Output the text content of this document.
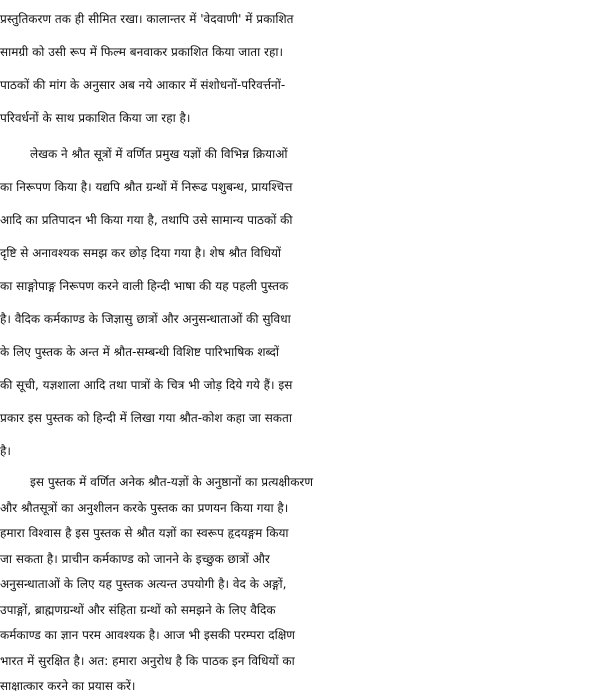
प्रस्तुतिकरण तक ही सीमित रखा। कालान्तर में 'वेदवाणी' में प्रकाशित
सामग्री को उसी रूप में फिल्म बनवाकर प्रकाशित किया जाता रहा।
पाठकों की मांग के अनुसार अब नये आकार में संशोधनों-परिवर्त्तनों-
परिवर्धनों के साथ प्रकाशित किया जा रहा है।
लेखक ने श्रौत सूत्रों में वर्णित प्रमुख यज्ञों की विभिन्न क्रियाओं
का निरूपण किया है। यद्यपि श्रौत ग्रन्थों में निरूढ पशुबन्ध, प्रायश्चित्त
आदि का प्रतिपादन भी किया गया है, तथापि उसे सामान्य पाठकों की
दृष्टि से अनावश्यक समझ कर छोड़ दिया गया है। शेष श्रौत विधियों
का साङ्गोपाङ्ग निरूपण करने वाली हिन्दी भाषा की यह पहली पुस्तक
है। वैदिक कर्मकाण्ड के जिज्ञासु छात्रों और अनुसन्धाताओं की सुविधा
के लिए पुस्तक के अन्त में श्रौत-सम्बन्धी विशिष्ट पारिभाषिक शब्दों
की सूची, यज्ञशाला आदि तथा पात्रों के चित्र भी जोड़ दिये गये हैं। इस
प्रकार इस पुस्तक को हिन्दी में लिखा गया श्रौत-कोश कहा जा सकता
है।
इस पुस्तक में वर्णित अनेक श्रौत-यज्ञों के अनुष्ठानों का प्रत्यक्षीकरण
और श्रौतसूत्रों का अनुशीलन करके पुस्तक का प्रणयन किया गया है।
हमारा विश्वास है इस पुस्तक से श्रौत यज्ञों का स्वरूप हृदयङ्गम किया
जा सकता है। प्राचीन कर्मकाण्ड को जानने के इच्छुक छात्रों और
अनुसन्धाताओं के लिए यह पुस्तक अत्यन्त उपयोगी है। वेद के अङ्गों,
उपाङ्गों, ब्राह्मणग्रन्थों और संहिता ग्रन्थों को समझने के लिए वैदिक
कर्मकाण्ड का ज्ञान परम आवश्यक है। आज भी इसकी परम्परा दक्षिण
भारत में सुरक्षित है। अत: हमारा अनुरोध है कि पाठक इन विधियों का
साक्षात्कार करने का प्रयास करें।
